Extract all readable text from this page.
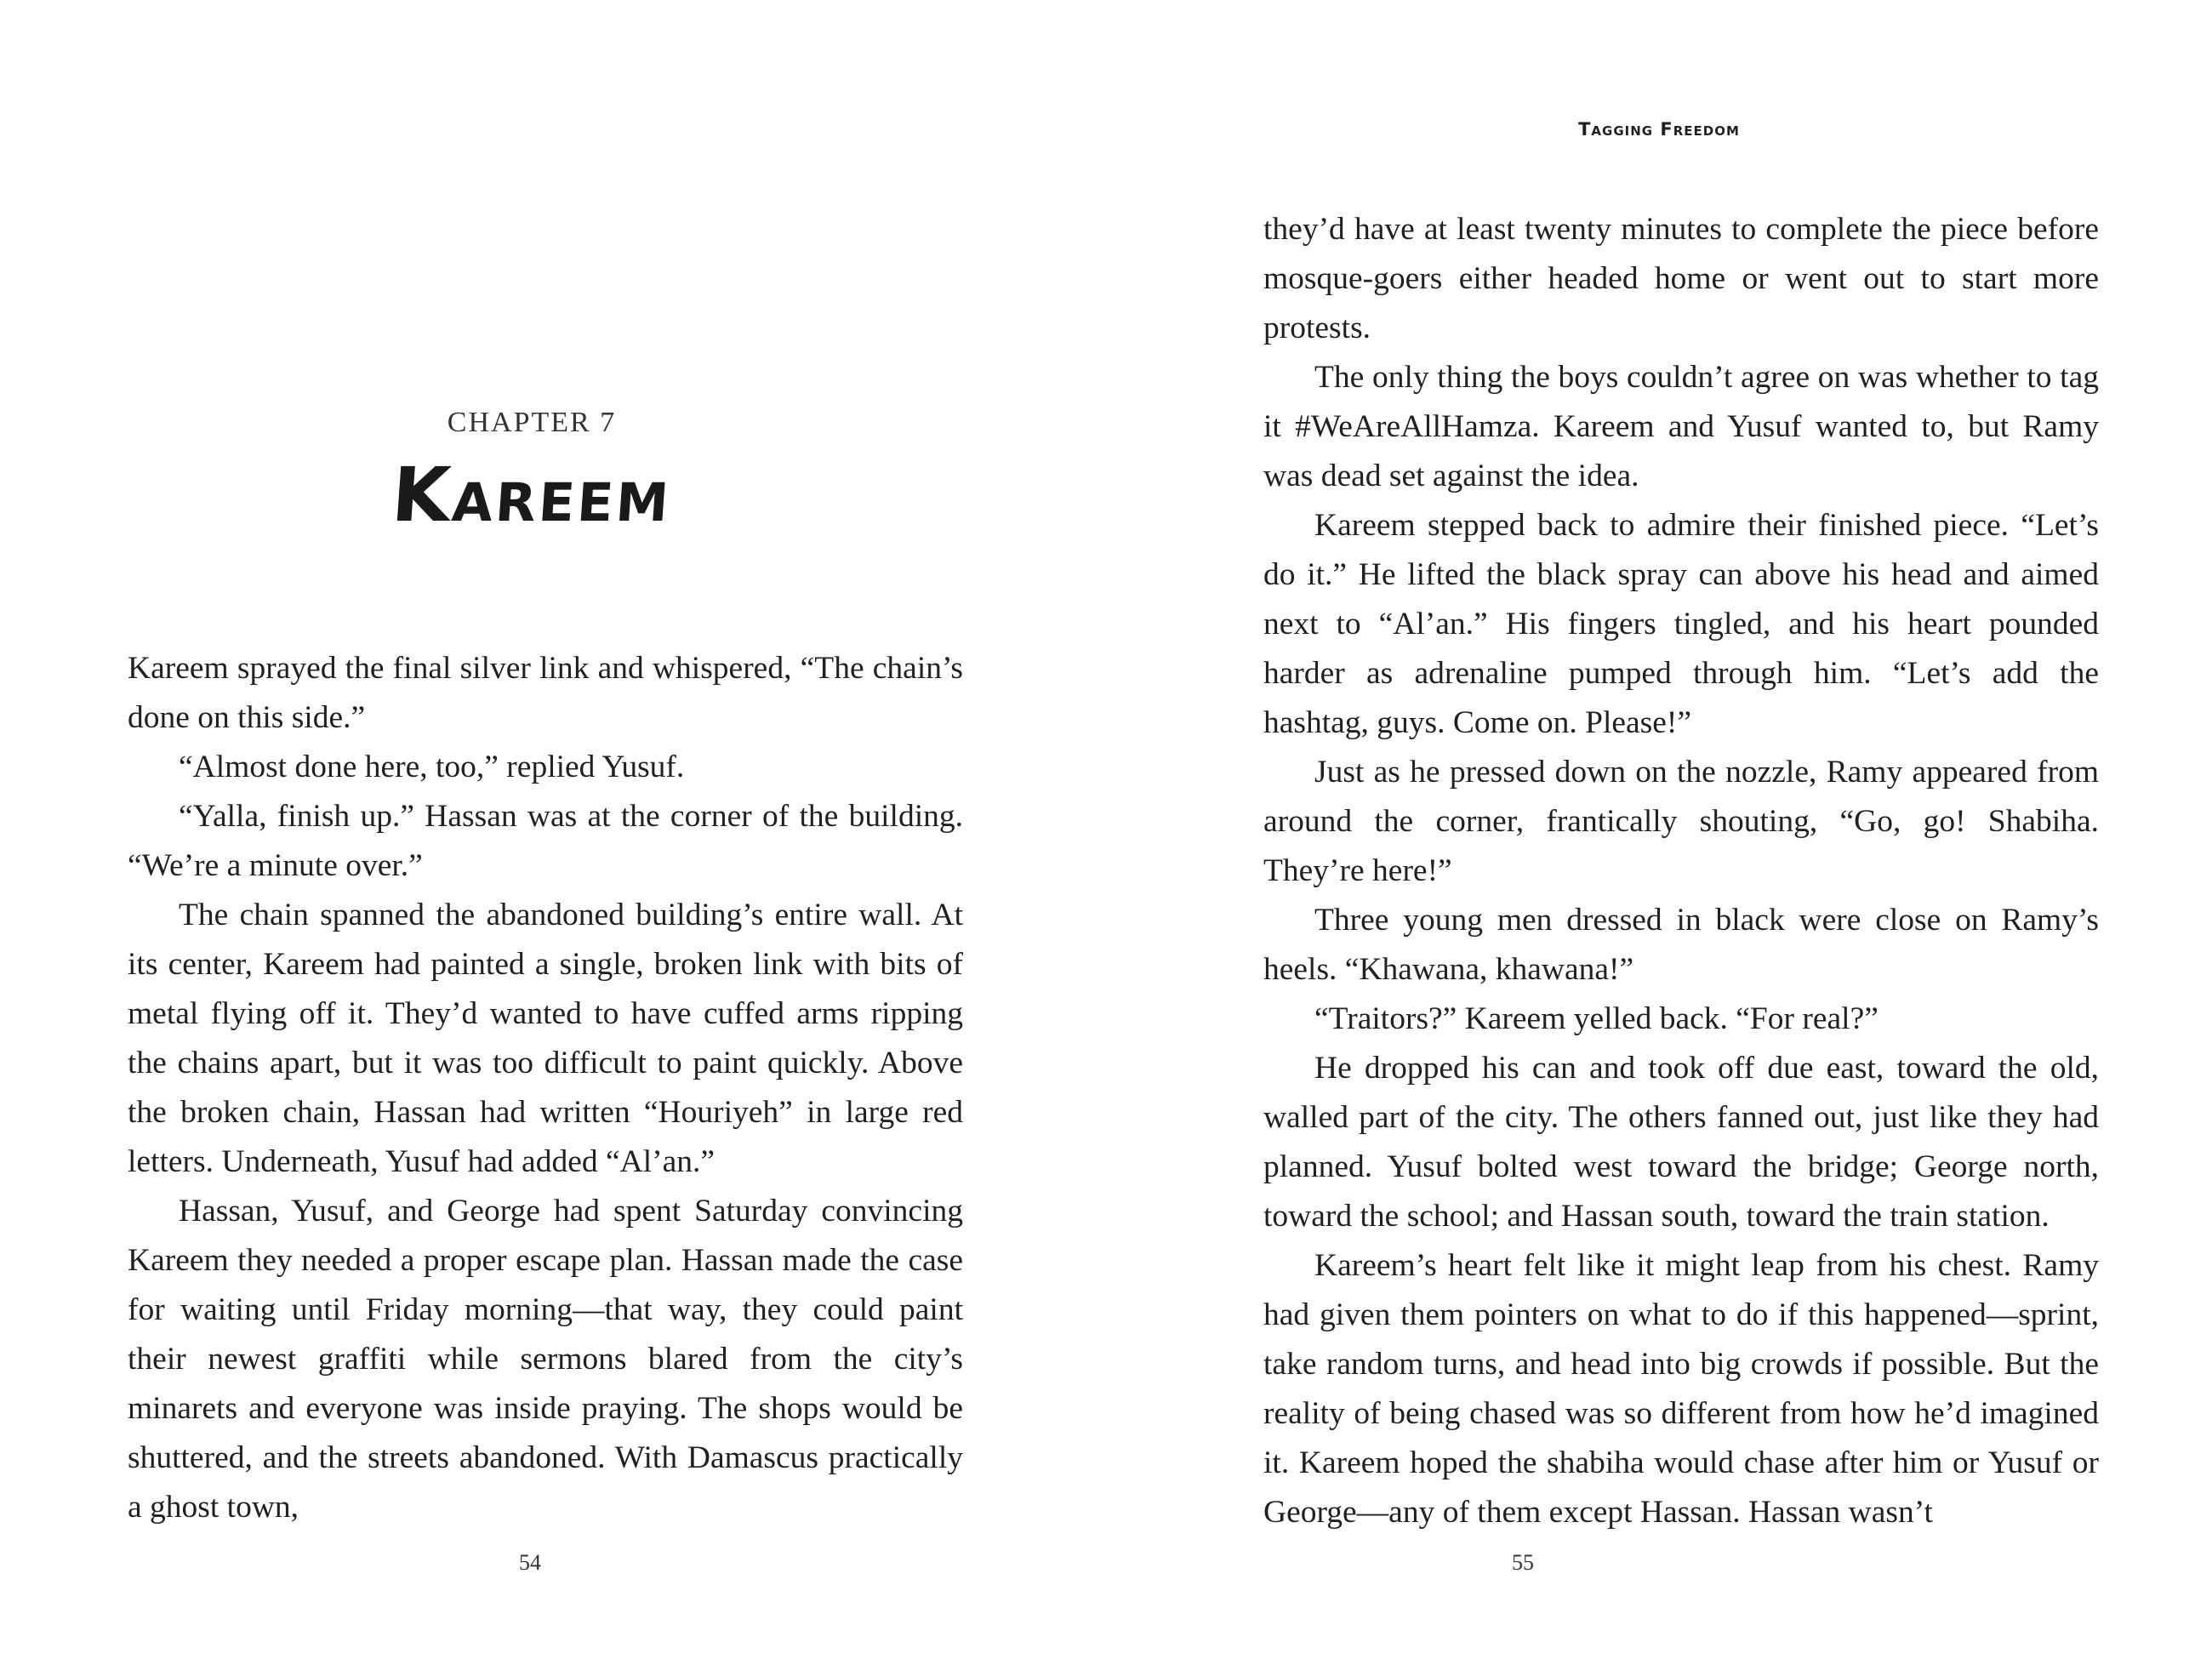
CHAPTER 7
Kareem

Kareem sprayed the final silver link and whispered, “The chain’s done on this side.”

“Almost done here, too,” replied Yusuf.

“Yalla, finish up.” Hassan was at the corner of the building. “We’re a minute over.”

The chain spanned the abandoned building’s entire wall. At its center, Kareem had painted a single, broken link with bits of metal flying off it. They’d wanted to have cuffed arms ripping the chains apart, but it was too difficult to paint quickly. Above the broken chain, Hassan had written “Houriyeh” in large red letters. Underneath, Yusuf had added “Al’an.”

Hassan, Yusuf, and George had spent Saturday convincing Kareem they needed a proper escape plan. Hassan made the case for waiting until Friday morning—that way, they could paint their newest graffiti while sermons blared from the city’s minarets and everyone was inside praying. The shops would be shuttered, and the streets abandoned. With Damascus practically a ghost town,

54
Tagging Freedom

they’d have at least twenty minutes to complete the piece before mosque-goers either headed home or went out to start more protests.

The only thing the boys couldn’t agree on was whether to tag it #WeAreAllHamza. Kareem and Yusuf wanted to, but Ramy was dead set against the idea.

Kareem stepped back to admire their finished piece. “Let’s do it.” He lifted the black spray can above his head and aimed next to “Al’an.” His fingers tingled, and his heart pounded harder as adrenaline pumped through him. “Let’s add the hashtag, guys. Come on. Please!”

Just as he pressed down on the nozzle, Ramy appeared from around the corner, frantically shouting, “Go, go! Shabiha. They’re here!”

Three young men dressed in black were close on Ramy’s heels. “Khawana, khawana!”

“Traitors?” Kareem yelled back. “For real?”

He dropped his can and took off due east, toward the old, walled part of the city. The others fanned out, just like they had planned. Yusuf bolted west toward the bridge; George north, toward the school; and Hassan south, toward the train station.

Kareem’s heart felt like it might leap from his chest. Ramy had given them pointers on what to do if this happened—sprint, take random turns, and head into big crowds if possible. But the reality of being chased was so different from how he’d imagined it. Kareem hoped the shabiha would chase after him or Yusuf or George—any of them except Hassan. Hassan wasn’t

55
